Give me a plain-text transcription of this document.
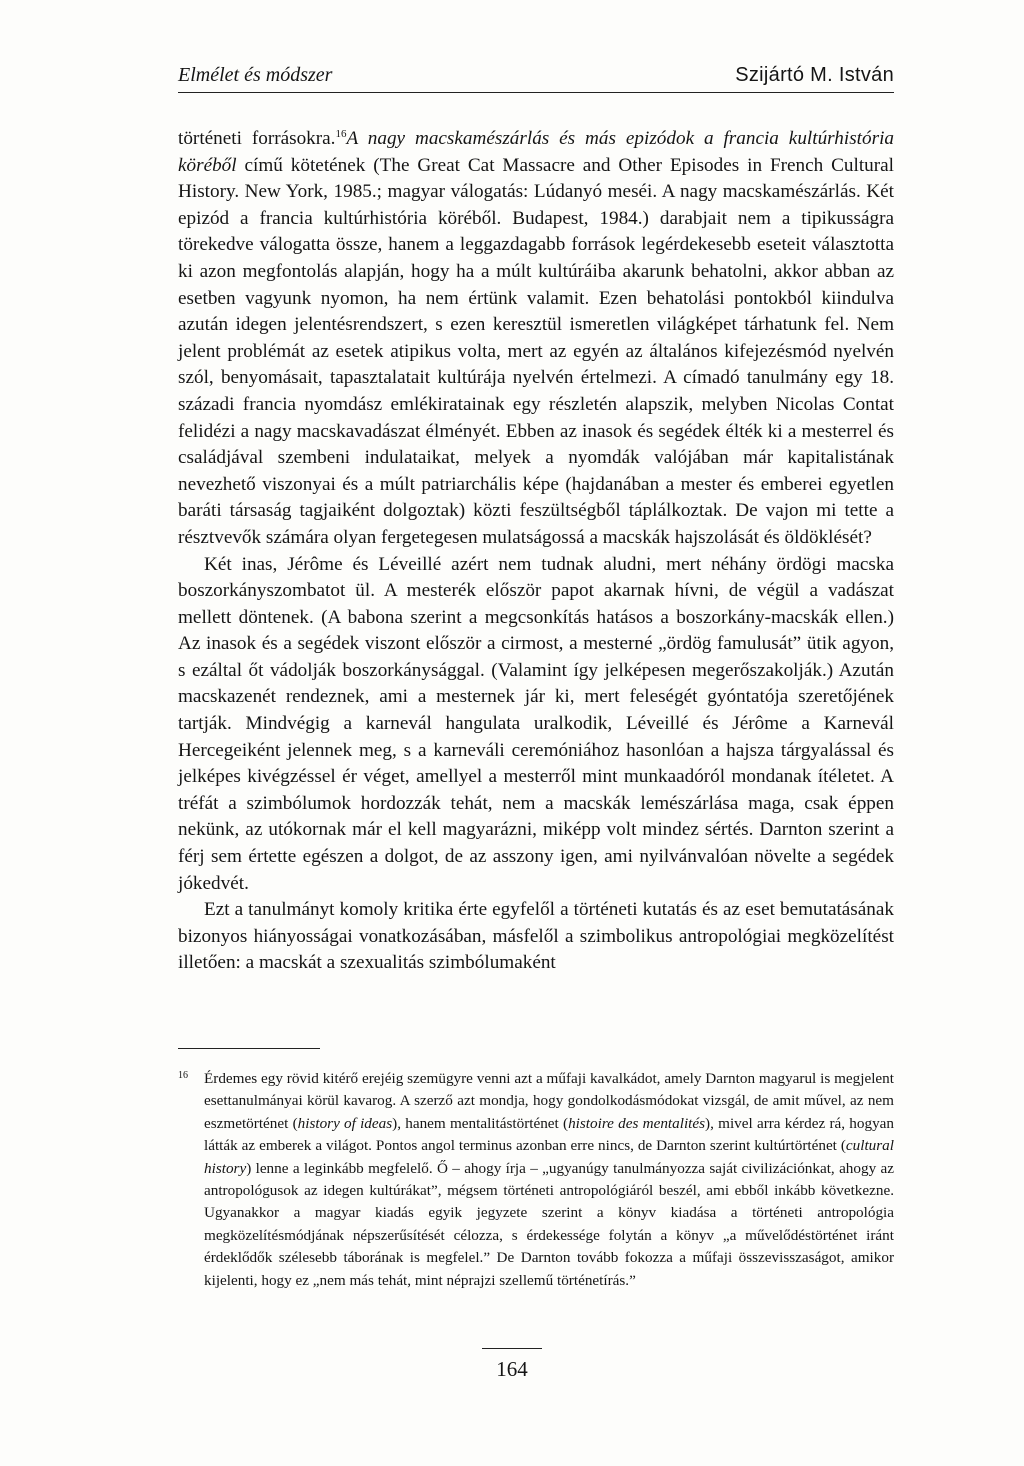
Elmélet és módszer	Szijártó M. István

történeti forrásokra.$^{16}$A nagy macskamészárlás és más epizódok a francia kultúrhistória köréből című kötetének (The Great Cat Massacre and Other Episodes in French Cultural History. New York, 1985.; magyar válogatás: Lúdanyó meséi. A nagy macskamészárlás. Két epizód a francia kultúrhistória köréből. Budapest, 1984.) darabjait nem a tipikusságra törekedve válogatta össze, hanem a leggazdagabb források legérdekesebb eseteit választotta ki azon megfontolás alapján, hogy ha a múlt kultúráiba akarunk behatolni, akkor abban az esetben vagyunk nyomon, ha nem értünk valamit. Ezen behatolási pontokból kiindulva azután idegen jelentésrendszert, s ezen keresztül ismeretlen világképet tárhatunk fel. Nem jelent problémát az esetek atipikus volta, mert az egyén az általános kifejezésmód nyelvén szól, benyomásait, tapasztalatait kultúrája nyelvén értelmezi. A címadó tanulmány egy 18. századi francia nyomdász emlékiratainak egy részletén alapszik, melyben Nicolas Contat felidézi a nagy macskavadászat élményét. Ebben az inasok és segédek élték ki a mesterrel és családjával szembeni indulataikat, melyek a nyomdák valójában már kapitalistának nevezhető viszonyai és a múlt patriarchális képe (hajdanában a mester és emberei egyetlen baráti társaság tagjaiként dolgoztak) közti feszültségből táplálkoztak. De vajon mi tette a résztvevők számára olyan fergetegesen mulatságossá a macskák hajszolását és öldöklését?

Két inas, Jérôme és Léveillé azért nem tudnak aludni, mert néhány ördögi macska boszorkányszombatot ül. A mesterék először papot akarnak hívni, de végül a vadászat mellett döntenek. (A babona szerint a megcsonkítás hatásos a boszorkány-macskák ellen.) Az inasok és a segédek viszont először a cirmost, a mesterné „ördög famulusát” ütik agyon, s ezáltal őt vádolják boszorkánysággal. (Valamint így jelképesen megerőszakolják.) Azután macskazenét rendeznek, ami a mesternek jár ki, mert feleségét gyóntatója szeretőjének tartják. Mindvégig a karnevál hangulata uralkodik, Léveillé és Jérôme a Karnevál Hercegeiként jelennek meg, s a karneváli ceremóniához hasonlóan a hajsza tárgyalással és jelképes kivégzéssel ér véget, amellyel a mesterről mint munkaadóról mondanak ítéletet. A tréfát a szimbólumok hordozzák tehát, nem a macskák lemészárlása maga, csak éppen nekünk, az utókornak már el kell magyarázni, miképp volt mindez sértés. Darnton szerint a férj sem értette egészen a dolgot, de az asszony igen, ami nyilvánvalóan növelte a segédek jókedvét.

Ezt a tanulmányt komoly kritika érte egyfelől a történeti kutatás és az eset bemutatásának bizonyos hiányosságai vonatkozásában, másfelől a szimbolikus antropológiai megközelítést illetően: a macskát a szexualitás szimbólumaként

16 Érdemes egy rövid kitérő erejéig szemügyre venni azt a műfaji kavalkádot, amely Darnton magyarul is megjelent esettanulmányai körül kavarog. A szerző azt mondja, hogy gondolkodásmódokat vizsgál, de amit művel, az nem eszmetörténet (history of ideas), hanem mentalitástörténet (histoire des mentalités), mivel arra kérdez rá, hogyan látták az emberek a világot. Pontos angol terminus azonban erre nincs, de Darnton szerint kultúrtörténet (cultural history) lenne a leginkább megfelelő. Ő – ahogy írja – „ugyanúgy tanulmányozza saját civilizációnkat, ahogy az antropológusok az idegen kultúrákat”, mégsem történeti antropológiáról beszél, ami ebből inkább következne. Ugyanakkor a magyar kiadás egyik jegyzete szerint a könyv kiadása a történeti antropológia megközelítésmódjának népszerűsítését célozza, s érdekessége folytán a könyv „a művelődéstörténet iránt érdeklődők szélesebb táborának is megfelel.” De Darnton tovább fokozza a műfaji összevisszaságot, amikor kijelenti, hogy ez „nem más tehát, mint néprajzi szellemű történetírás.”
164
